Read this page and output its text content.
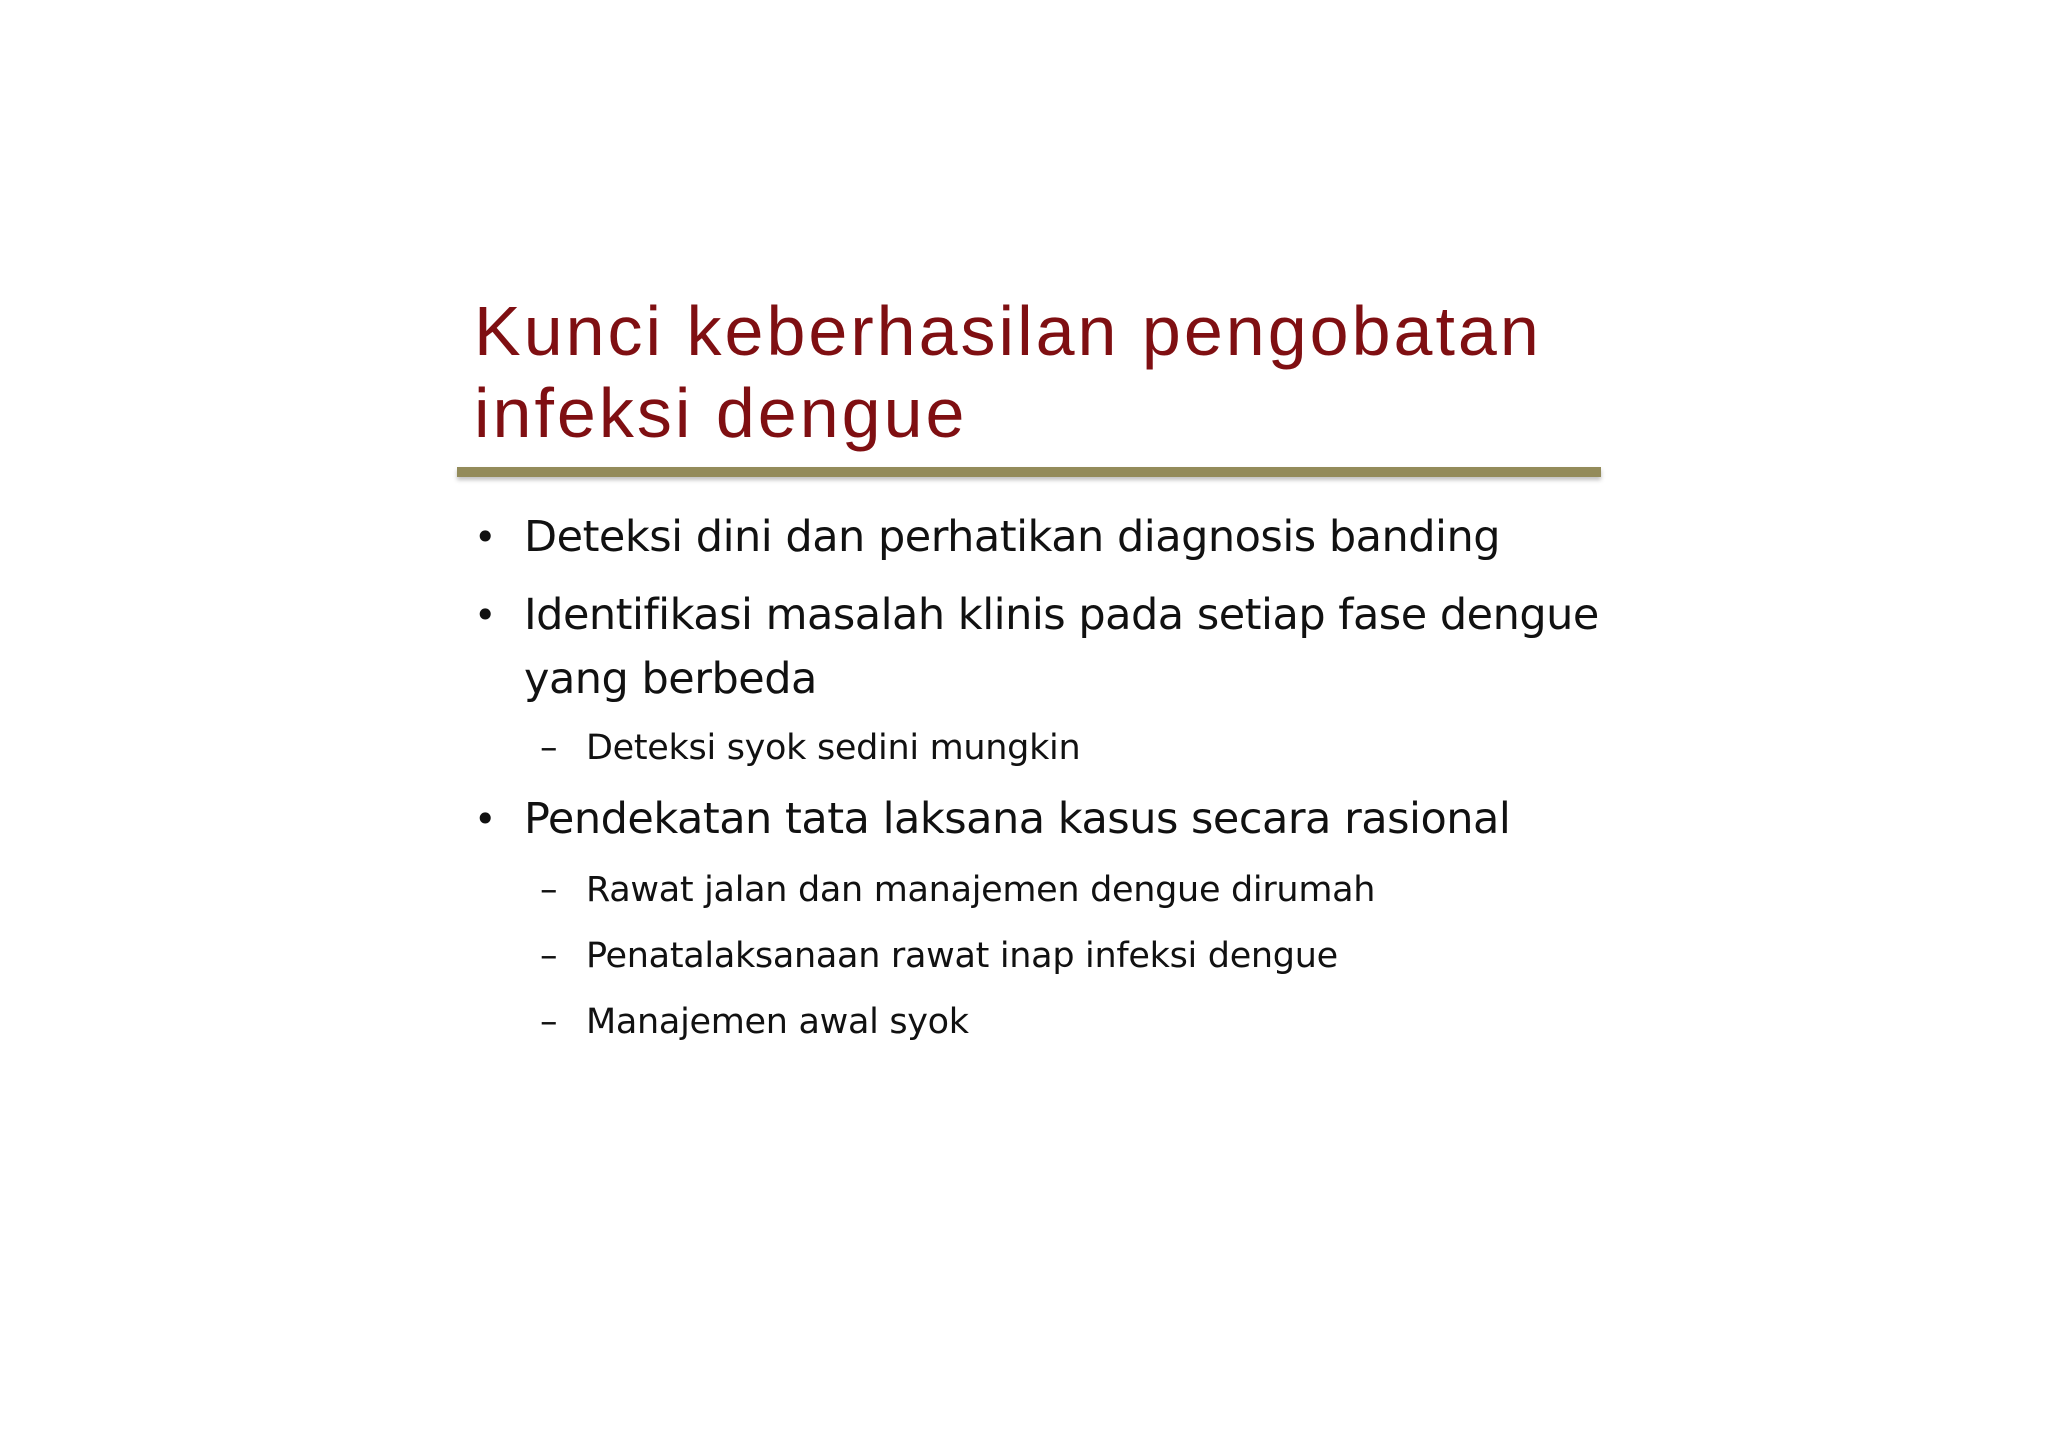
Kunci keberhasilan pengobatan
infeksi dengue
• Deteksi dini dan perhatikan diagnosis banding
• Identifikasi masalah klinis pada setiap fase dengue
yang berbeda
– Deteksi syok sedini mungkin
• Pendekatan tata laksana kasus secara rasional
– Rawat jalan dan manajemen dengue dirumah
– Penatalaksanaan rawat inap infeksi dengue
– Manajemen awal syok
